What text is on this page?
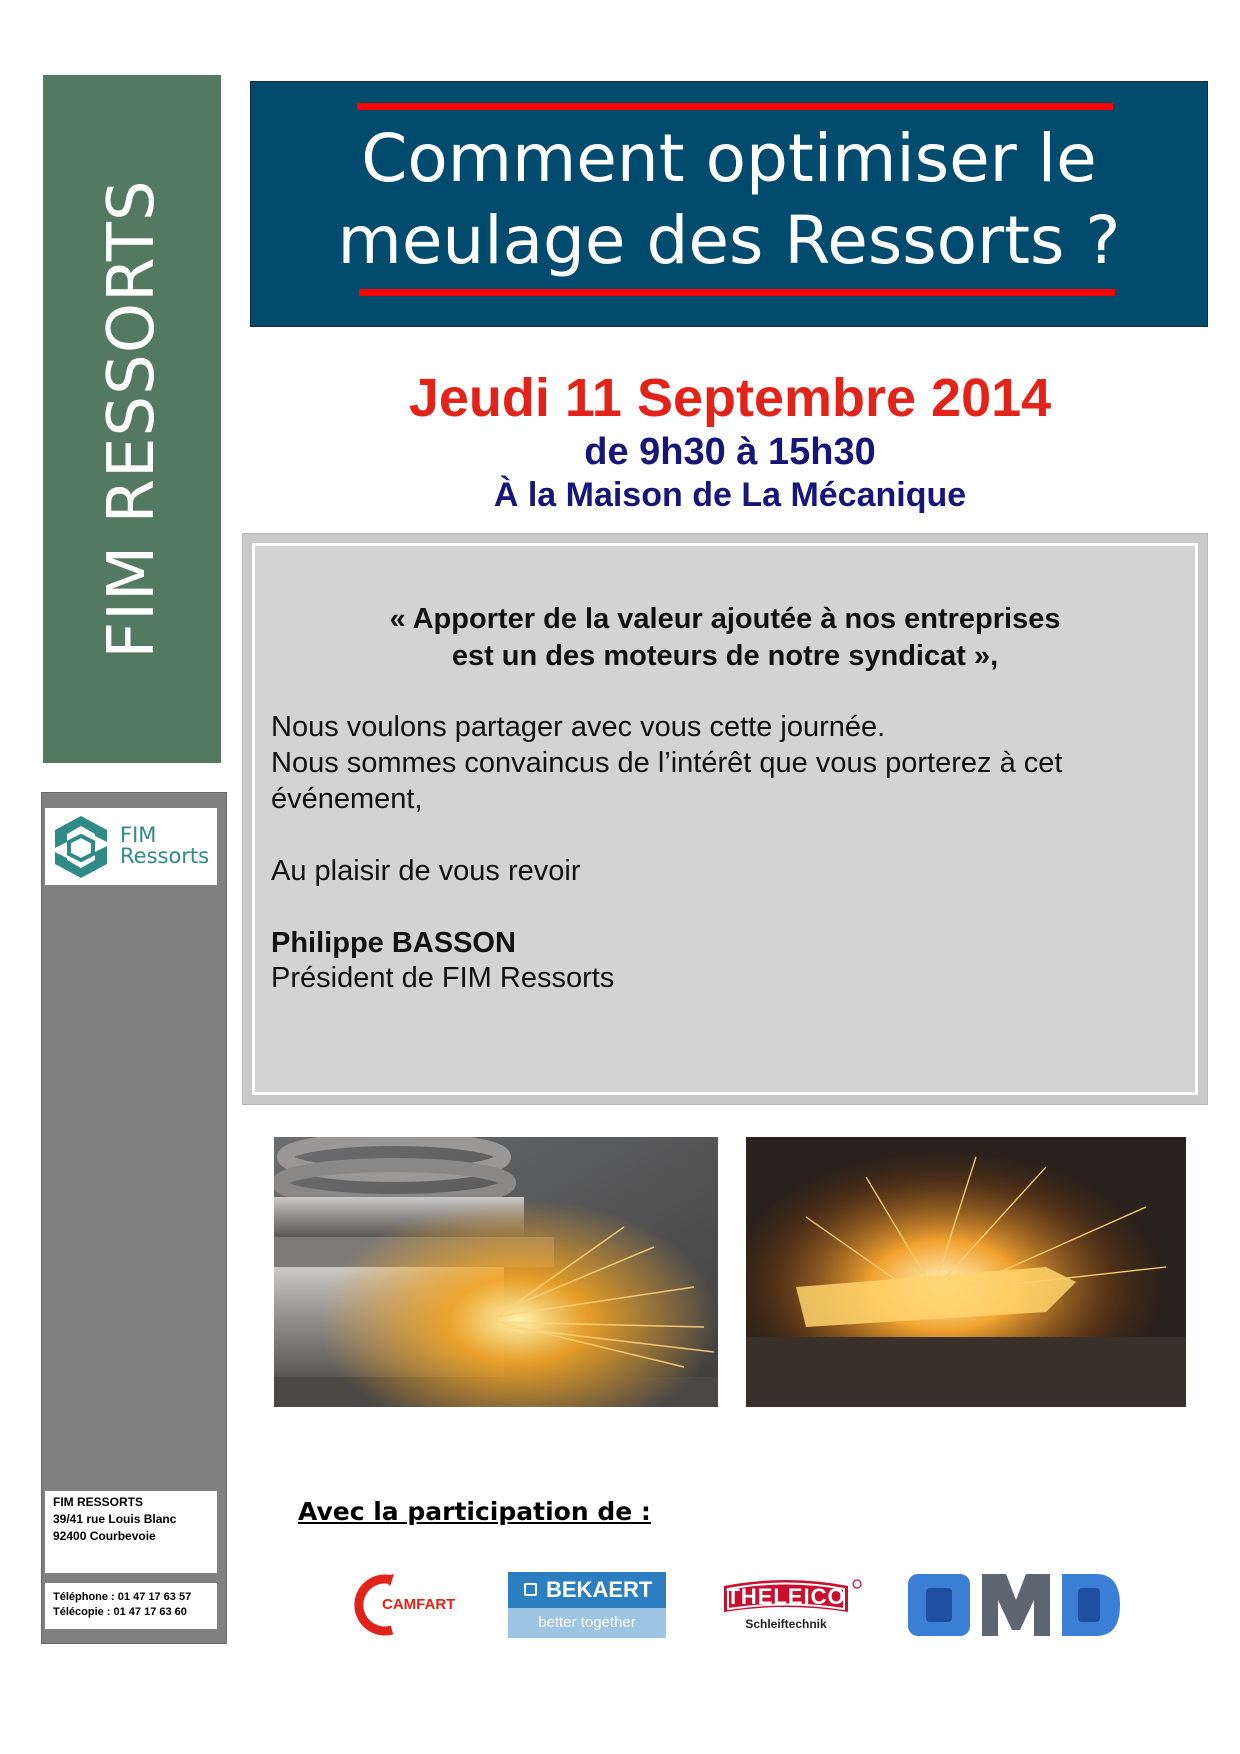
FIM RESSORTS
FIM
Ressorts
FIM RESSORTS
39/41 rue Louis Blanc
92400 Courbevoie
Téléphone : 01 47 17 63 57
Télécopie : 01 47 17 63 60
Comment optimiser le
meulage des Ressorts ?
Jeudi 11 Septembre 2014
de 9h30 à 15h30
À la Maison de La Mécanique
« Apporter de la valeur ajoutée à nos entreprises
est un des moteurs de notre syndicat »,
Nous voulons partager avec vous cette journée.
Nous sommes convaincus de l’intérêt que vous porterez à cet
événement,
Au plaisir de vous revoir
Philippe BASSON
Président de FIM Ressorts
Avec la participation de :
CAMFART
BEKAERT
better together
THELEICO
Schleiftechnik
